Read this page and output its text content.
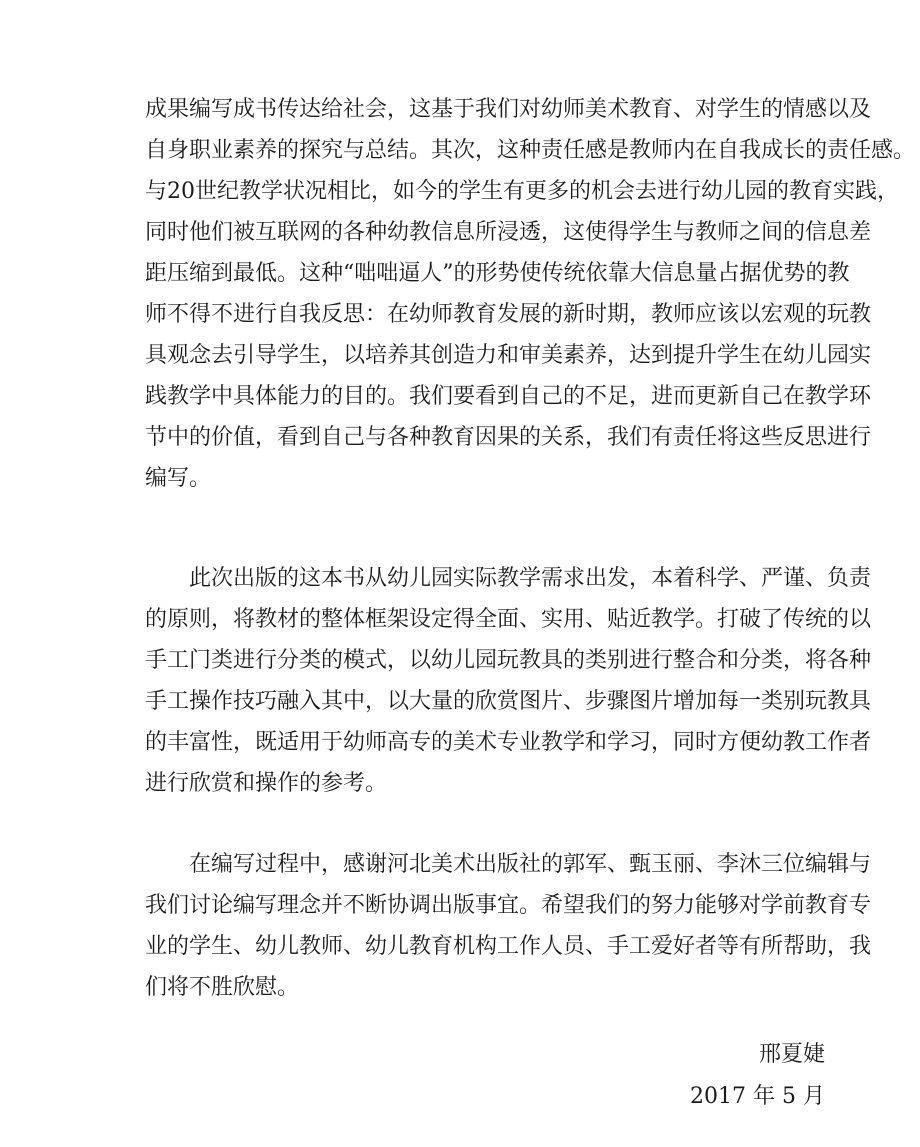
成果编写成书传达给社会，这基于我们对幼师美术教育、对学生的情感以及
自身职业素养的探究与总结。其次，这种责任感是教师内在自我成长的责任感。
与20世纪教学状况相比，如今的学生有更多的机会去进行幼儿园的教育实践，
同时他们被互联网的各种幼教信息所浸透，这使得学生与教师之间的信息差
距压缩到最低。这种“咄咄逼人”的形势使传统依靠大信息量占据优势的教
师不得不进行自我反思：在幼师教育发展的新时期，教师应该以宏观的玩教
具观念去引导学生，以培养其创造力和审美素养，达到提升学生在幼儿园实
践教学中具体能力的目的。我们要看到自己的不足，进而更新自己在教学环
节中的价值，看到自己与各种教育因果的关系，我们有责任将这些反思进行
编写。
此次出版的这本书从幼儿园实际教学需求出发，本着科学、严谨、负责
的原则，将教材的整体框架设定得全面、实用、贴近教学。打破了传统的以
手工门类进行分类的模式，以幼儿园玩教具的类别进行整合和分类，将各种
手工操作技巧融入其中，以大量的欣赏图片、步骤图片增加每一类别玩教具
的丰富性，既适用于幼师高专的美术专业教学和学习，同时方便幼教工作者
进行欣赏和操作的参考。
在编写过程中，感谢河北美术出版社的郭军、甄玉丽、李沐三位编辑与
我们讨论编写理念并不断协调出版事宜。希望我们的努力能够对学前教育专
业的学生、幼儿教师、幼儿教育机构工作人员、手工爱好者等有所帮助，我
们将不胜欣慰。
邢夏婕
2017 年 5 月
